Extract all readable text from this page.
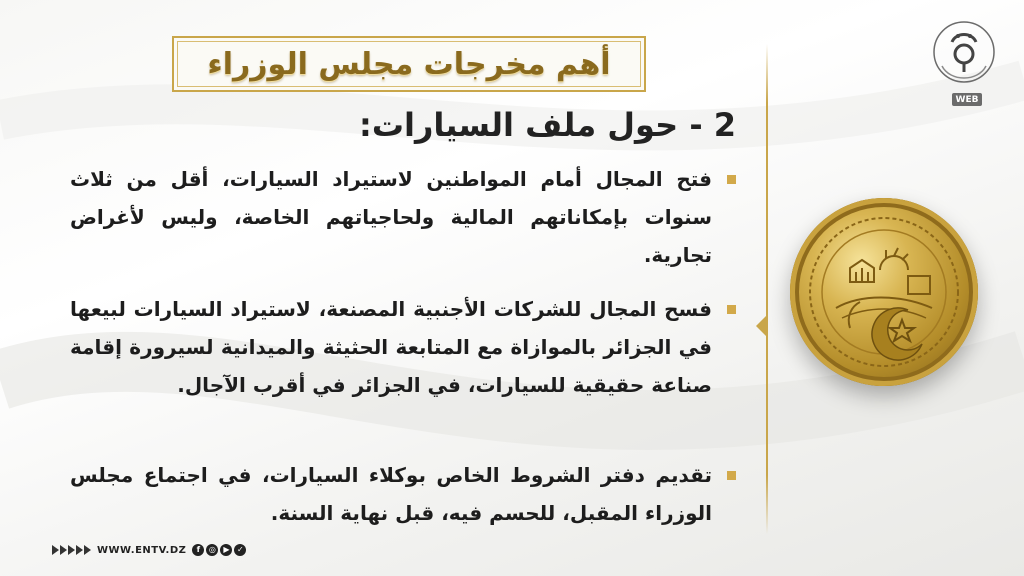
أهم مخرجات مجلس الوزراء
2 - حول ملف السيارات:
فتح المجال أمام المواطنين لاستيراد السيارات، أقل من ثلاث سنوات بإمكاناتهم المالية ولحاجياتهم الخاصة، وليس لأغراض تجارية.
فسح المجال للشركات الأجنبية المصنعة، لاستيراد السيارات لبيعها في الجزائر بالموازاة مع المتابعة الحثيثة والميدانية لسيرورة إقامة صناعة حقيقية للسيارات، في الجزائر في أقرب الآجال.
تقديم دفتر الشروط الخاص بوكلاء السيارات، في اجتماع مجلس الوزراء المقبل، للحسم فيه، قبل نهاية السنة.
WEB
WWW.ENTV.DZ	f	◎ ▶ ✓
